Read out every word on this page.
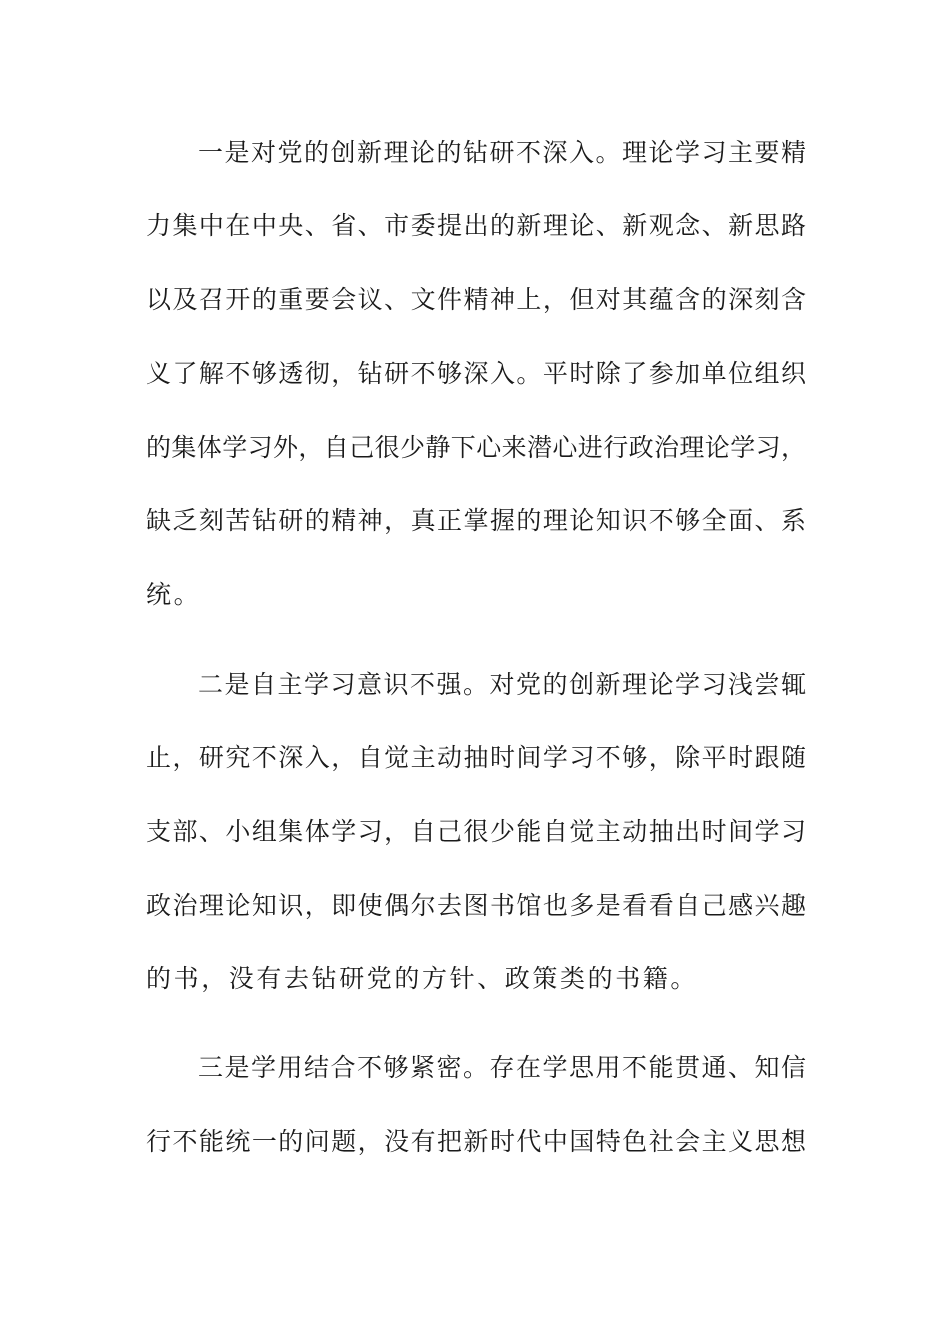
一是对党的创新理论的钻研不深入。理论学习主要精
力集中在中央、省、市委提出的新理论、新观念、新思路
以及召开的重要会议、文件精神上，但对其蕴含的深刻含
义了解不够透彻，钻研不够深入。平时除了参加单位组织
的集体学习外，自己很少静下心来潜心进行政治理论学习，
缺乏刻苦钻研的精神，真正掌握的理论知识不够全面、系
统。
二是自主学习意识不强。对党的创新理论学习浅尝辄
止，研究不深入，自觉主动抽时间学习不够，除平时跟随
支部、小组集体学习，自己很少能自觉主动抽出时间学习
政治理论知识，即使偶尔去图书馆也多是看看自己感兴趣
的书，没有去钻研党的方针、政策类的书籍。
三是学用结合不够紧密。存在学思用不能贯通、知信
行不能统一的问题，没有把新时代中国特色社会主义思想
